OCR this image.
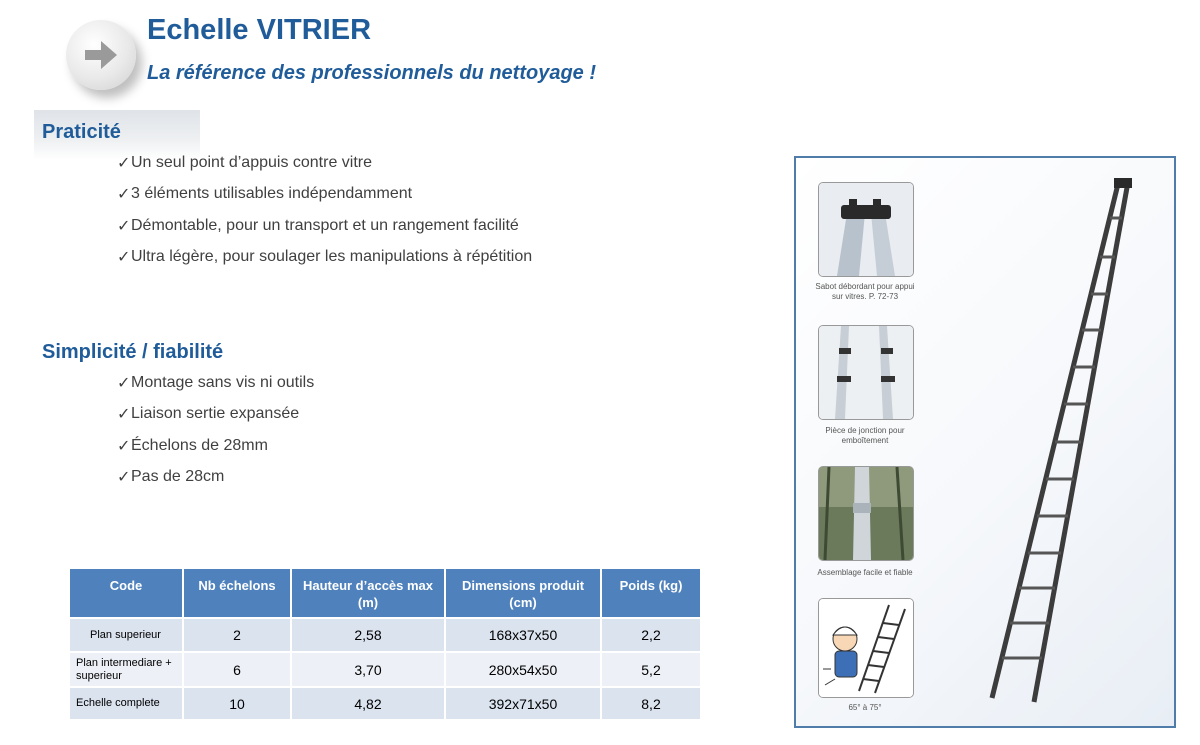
Echelle VITRIER
La référence des professionnels du nettoyage !
Praticité
✓ Un seul point d’appuis contre vitre
✓ 3 éléments utilisables indépendamment
✓ Démontable, pour un transport et un rangement facilité
✓ Ultra légère, pour soulager les manipulations à répétition
Simplicité / fiabilité
✓ Montage sans vis ni outils
✓ Liaison sertie expansée
✓ Échelons de 28mm
✓ Pas de 28cm
Code	Nb échelons	Hauteur d’accès max (m)	Dimensions produit (cm)	Poids (kg)
Plan superieur	2	2,58	168x37x50	2,2
Plan intermediare + superieur	6	3,70	280x54x50	5,2
Echelle complete	10	4,82	392x71x50	8,2
Sabot débordant pour appui sur vitres. P. 72-73
Pièce de jonction pour emboîtement
Assemblage facile et fiable
65° à 75°
